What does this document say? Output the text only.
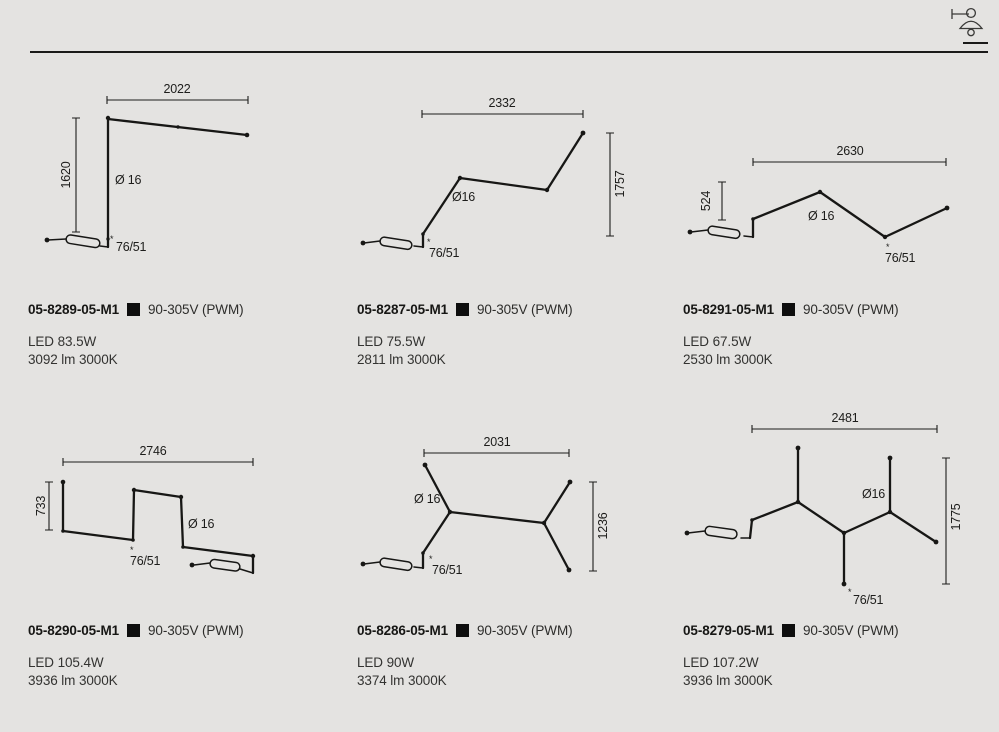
2022
1620	Ø 16
*
76/51
2332
1757
Ø16
*
76/51
2630
524
Ø 16
*
76/51
2746
733
Ø 16
*
76/51
2031
1236
Ø 16
*
76/51
2481
1775
Ø16
*
76/51
05-8289-05-M1 90-305V (PWM)
LED 83.5W
3092 lm 3000K
05-8287-05-M1 90-305V (PWM)
LED 75.5W
2811 lm 3000K
05-8291-05-M1 90-305V (PWM)
LED 67.5W
2530 lm 3000K
05-8290-05-M1 90-305V (PWM)
LED 105.4W
3936 lm 3000K
05-8286-05-M1 90-305V (PWM)
LED 90W
3374 lm 3000K
05-8279-05-M1 90-305V (PWM)
LED 107.2W
3936 lm 3000K
